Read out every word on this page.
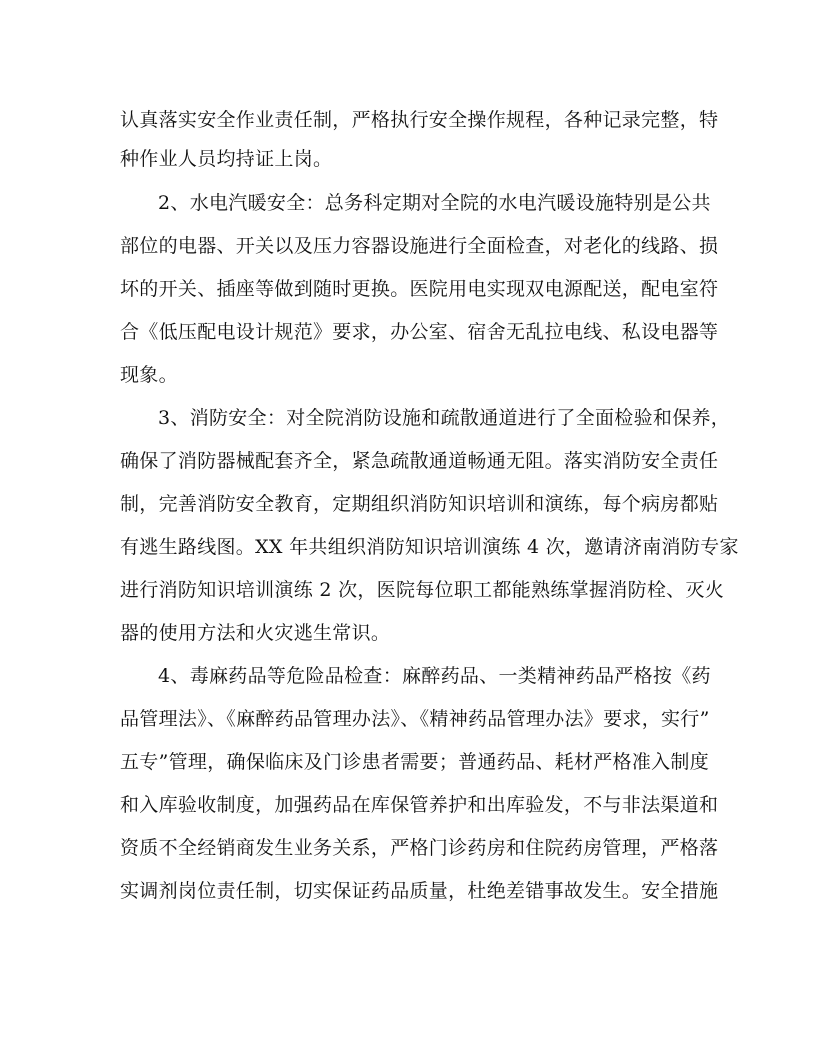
认真落实安全作业责任制，严格执行安全操作规程，各种记录完整，特
种作业人员均持证上岗。
2、水电汽暖安全：总务科定期对全院的水电汽暖设施特别是公共
部位的电器、开关以及压力容器设施进行全面检查，对老化的线路、损
坏的开关、插座等做到随时更换。医院用电实现双电源配送，配电室符
合《低压配电设计规范》要求，办公室、宿舍无乱拉电线、私设电器等
现象。
3、消防安全：对全院消防设施和疏散通道进行了全面检验和保养，
确保了消防器械配套齐全，紧急疏散通道畅通无阻。落实消防安全责任
制，完善消防安全教育，定期组织消防知识培训和演练，每个病房都贴
有逃生路线图。XX 年共组织消防知识培训演练 4 次，邀请济南消防专家
进行消防知识培训演练 2 次，医院每位职工都能熟练掌握消防栓、灭火
器的使用方法和火灾逃生常识。
4、毒麻药品等危险品检查：麻醉药品、一类精神药品严格按《药
品管理法》、《麻醉药品管理办法》、《精神药品管理办法》要求，实行”
五专”管理，确保临床及门诊患者需要；普通药品、耗材严格准入制度
和入库验收制度，加强药品在库保管养护和出库验发，不与非法渠道和
资质不全经销商发生业务关系，严格门诊药房和住院药房管理，严格落
实调剂岗位责任制，切实保证药品质量，杜绝差错事故发生。安全措施
